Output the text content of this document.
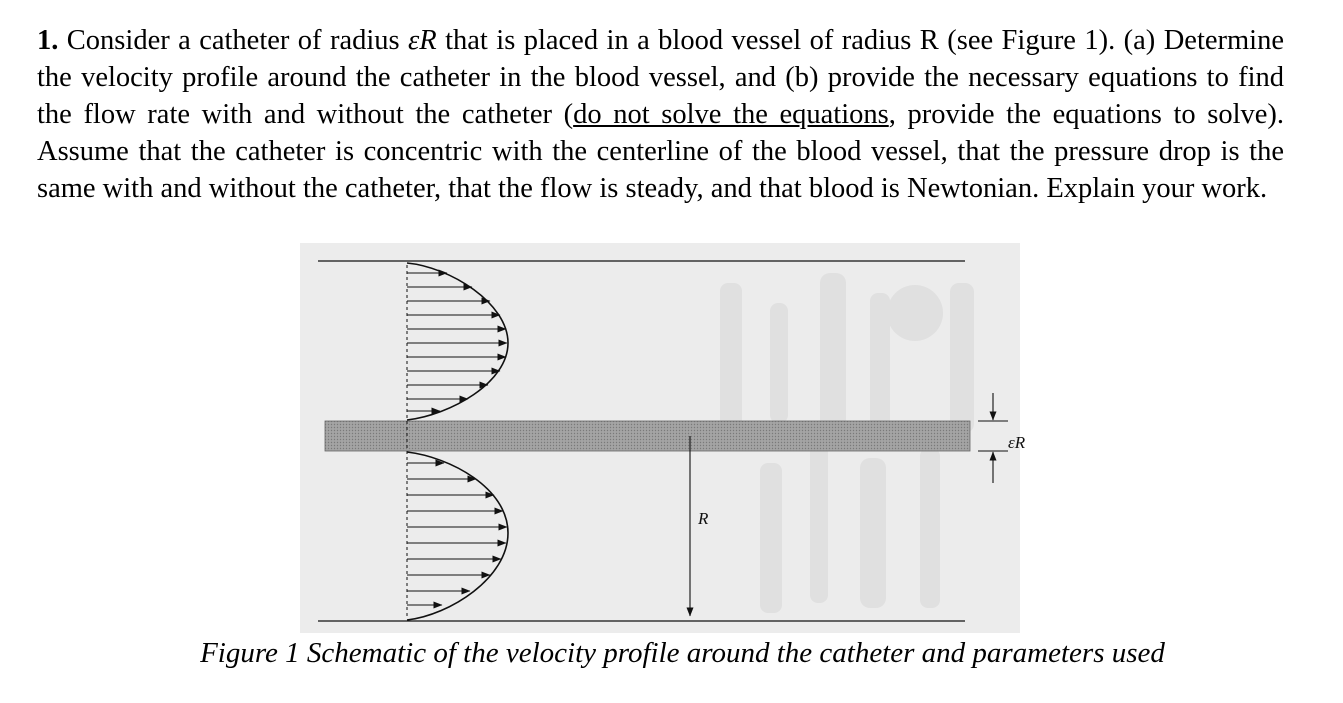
1. Consider a catheter of radius εR that is placed in a blood vessel of radius R (see Figure 1). (a) Determine the velocity profile around the catheter in the blood vessel, and (b) provide the necessary equations to find the flow rate with and without the catheter (do not solve the equations, provide the equations to solve). Assume that the catheter is concentric with the centerline of the blood vessel, that the pressure drop is the same with and without the catheter, that the flow is steady, and that blood is Newtonian. Explain your work.
R
εR
Figure 1 Schematic of the velocity profile around the catheter and parameters used
